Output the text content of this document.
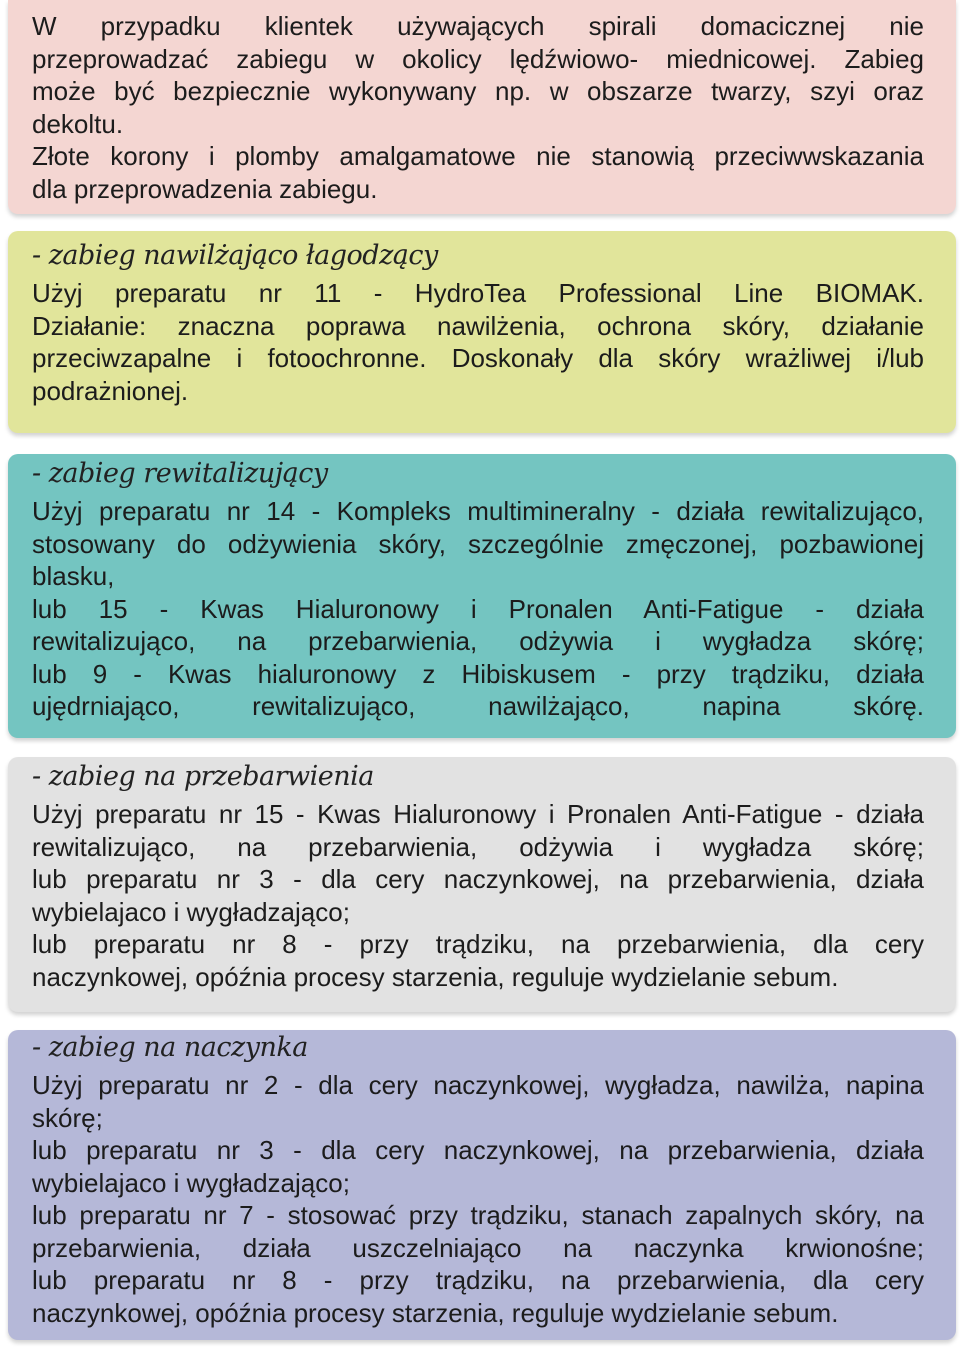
W przypadku klientek używających spirali domacicznej nie
przeprowadzać zabiegu w okolicy lędźwiowo- miednicowej. Zabieg
może być bezpiecznie wykonywany np. w obszarze twarzy, szyi oraz
dekoltu.
Złote korony i plomby amalgamatowe nie stanowią przeciwwskazania
dla przeprowadzenia zabiegu.
- zabieg nawilżająco łagodzący
Użyj preparatu nr 11 - HydroTea Professional Line BIOMAK.
Działanie: znaczna poprawa nawilżenia, ochrona skóry, działanie
przeciwzapalne i fotoochronne. Doskonały dla skóry wrażliwej i/lub
podrażnionej.
- zabieg rewitalizujący
Użyj preparatu nr 14 - Kompleks multimineralny - działa rewitalizująco,
stosowany do odżywienia skóry, szczególnie zmęczonej, pozbawionej
blasku,
lub 15 - Kwas Hialuronowy i Pronalen Anti-Fatigue - działa
rewitalizująco, na przebarwienia, odżywia i wygładza skórę;
lub 9 - Kwas hialuronowy z Hibiskusem - przy trądziku, działa
ujędrniająco, rewitalizująco, nawilżająco, napina skórę.
- zabieg na przebarwienia
Użyj preparatu nr 15 - Kwas Hialuronowy i Pronalen Anti-Fatigue - działa
rewitalizująco, na przebarwienia, odżywia i wygładza skórę;
lub preparatu nr 3 - dla cery naczynkowej, na przebarwienia, działa
wybielajaco i wygładzająco;
lub preparatu nr 8 - przy trądziku, na przebarwienia, dla cery
naczynkowej, opóźnia procesy starzenia, reguluje wydzielanie sebum.
- zabieg na naczynka
Użyj preparatu nr 2 - dla cery naczynkowej, wygładza, nawilża, napina
skórę;
lub preparatu nr 3 - dla cery naczynkowej, na przebarwienia, działa
wybielajaco i wygładzająco;
lub preparatu nr 7 - stosować przy trądziku, stanach zapalnych skóry, na
przebarwienia, działa uszczelniająco na naczynka krwionośne;
lub preparatu nr 8 - przy trądziku, na przebarwienia, dla cery
naczynkowej, opóźnia procesy starzenia, reguluje wydzielanie sebum.
